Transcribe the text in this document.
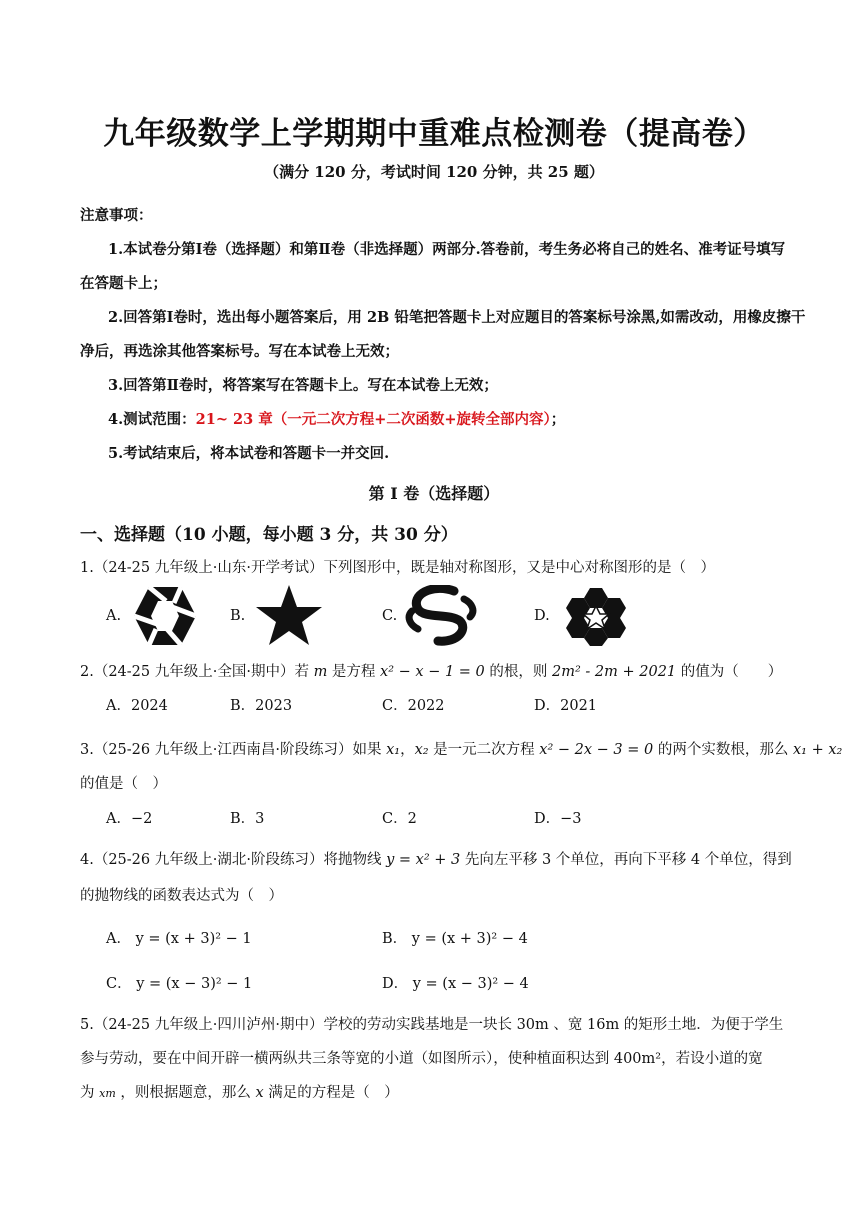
九年级数学上学期期中重难点检测卷（提高卷）
（满分 120 分，考试时间 120 分钟，共 25 题）
注意事项：
1.本试卷分第Ⅰ卷（选择题）和第Ⅱ卷（非选择题）两部分.答卷前，考生务必将自己的姓名、准考证号填写
在答题卡上；
2.回答第Ⅰ卷时，选出每小题答案后，用 2B 铅笔把答题卡上对应题目的答案标号涂黑,如需改动，用橡皮擦干
净后，再选涂其他答案标号。写在本试卷上无效；
3.回答第Ⅱ卷时，将答案写在答题卡上。写在本试卷上无效；
4.测试范围：21~ 23 章（一元二次方程+二次函数+旋转全部内容）；
5.考试结束后，将本试卷和答题卡一并交回.
第 I 卷（选择题）
一、选择题（10 小题，每小题 3 分，共 30 分）
1.（24-25 九年级上·山东·开学考试）下列图形中，既是轴对称图形，又是中心对称图形的是（　）
A.	B.	C.	D.
2.（24-25 九年级上·全国·期中）若 m 是方程 x² − x − 1 = 0 的根，则 2m² - 2m + 2021 的值为（　　）
A．2024	B．2023	C．2022	D．2021
3.（25-26 九年级上·江西南昌·阶段练习）如果 x₁，x₂ 是一元二次方程 x² − 2x − 3 = 0 的两个实数根，那么 x₁ + x₂
的值是（　）
A．−2	B．3	C．2	D．−3
4.（25-26 九年级上·湖北·阶段练习）将抛物线 y = x² + 3 先向左平移 3 个单位，再向下平移 4 个单位，得到
的抛物线的函数表达式为（　）
A． y = (x + 3)² − 1	B． y = (x + 3)² − 4
C． y = (x − 3)² − 1	D． y = (x − 3)² − 4
5.（24-25 九年级上·四川泸州·期中）学校的劳动实践基地是一块长 30m 、宽 16m 的矩形土地．为便于学生
参与劳动，要在中间开辟一横两纵共三条等宽的小道（如图所示），使种植面积达到 400m²，若设小道的宽
为 xm ，则根据题意，那么 x 满足的方程是（　）
